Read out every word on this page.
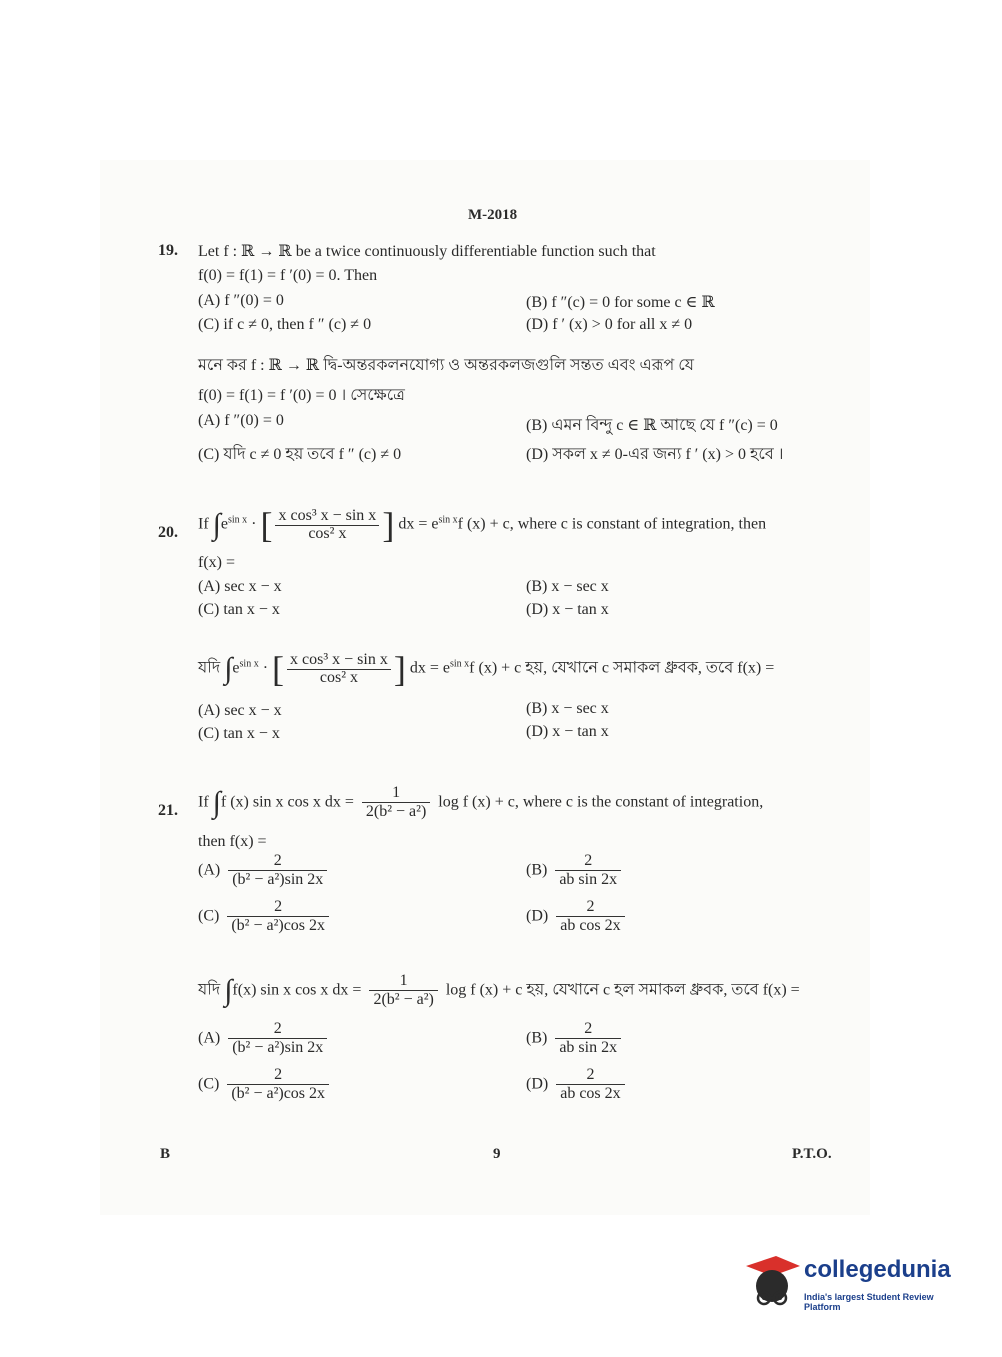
M-2018
19. Let f : ℝ → ℝ be a twice continuously differentiable function such that
f(0) = f(1) = f ′(0) = 0. Then
(A) f ″(0) = 0	(B) f ″(c) = 0 for some c ∈ ℝ
(C) if c ≠ 0, then f ″ (c) ≠ 0	(D) f ′ (x) > 0 for all x ≠ 0
মনে কর f : ℝ → ℝ দ্বি-অন্তরকলনযোগ্য ও অন্তরকলজগুলি সন্তত এবং এরূপ যে
f(0) = f(1) = f ′(0) = 0 । সেক্ষেত্রে
(A) f ″(0) = 0	(B) এমন বিন্দু c ∈ ℝ আছে যে f ″(c) = 0
(C) যদি c ≠ 0 হয় তবে f ″ (c) ≠ 0	(D) সকল x ≠ 0-এর জন্য f ′ (x) > 0 হবে ।
20. If $\int e^{sin x}$ · [ $\frac{\text{x cos³ x − sin x}}{\text{cos² x}}$ ] dx = $e^{sin x}f$ (x) + c, where c is constant of integration, then
f(x) =
(A) sec x − x	(B) x − sec x
(C) tan x − x	(D) x − tan x
যদি $\int e^{sin x}$ · [ $\frac{\text{x cos³ x − sin x}}{\text{cos² x}}$ ] dx = $e^{sin x}f$ (x) + c হয়, যেখানে c সমাকল ধ্রুবক, তবে f(x) =
(A) sec x − x	(B) x − sec x
(C) tan x − x	(D) x − tan x
21. If ∫f (x) sin x cos x dx = $\frac{1}{\text{2(b² − a²)}}$ log f (x) + c, where c is the constant of integration,
then f(x) =
$(A) \frac{2}{\text{(b² − a²)sin 2x}}$	$(B) \frac{2}{\text{ab sin 2x}}$
$(C) \frac{2}{\text{(b² − a²)cos 2x}}$	$(D) \frac{2}{\text{ab cos 2x}}$
যদি ∫f(x) sin x cos x dx = $\frac{1}{\text{2(b² − a²)}}$ log f (x) + c হয়, যেখানে c হল সমাকল ধ্রুবক, তবে f(x) =
$(A) \frac{2}{\text{(b² − a²)sin 2x}}$	$(B) \frac{2}{\text{ab sin 2x}}$
$(C) \frac{2}{\text{(b² − a²)cos 2x}}$	$(D) \frac{2}{\text{ab cos 2x}}$
B	9	P.T.O.
collegedunia
India's largest Student Review Platform
